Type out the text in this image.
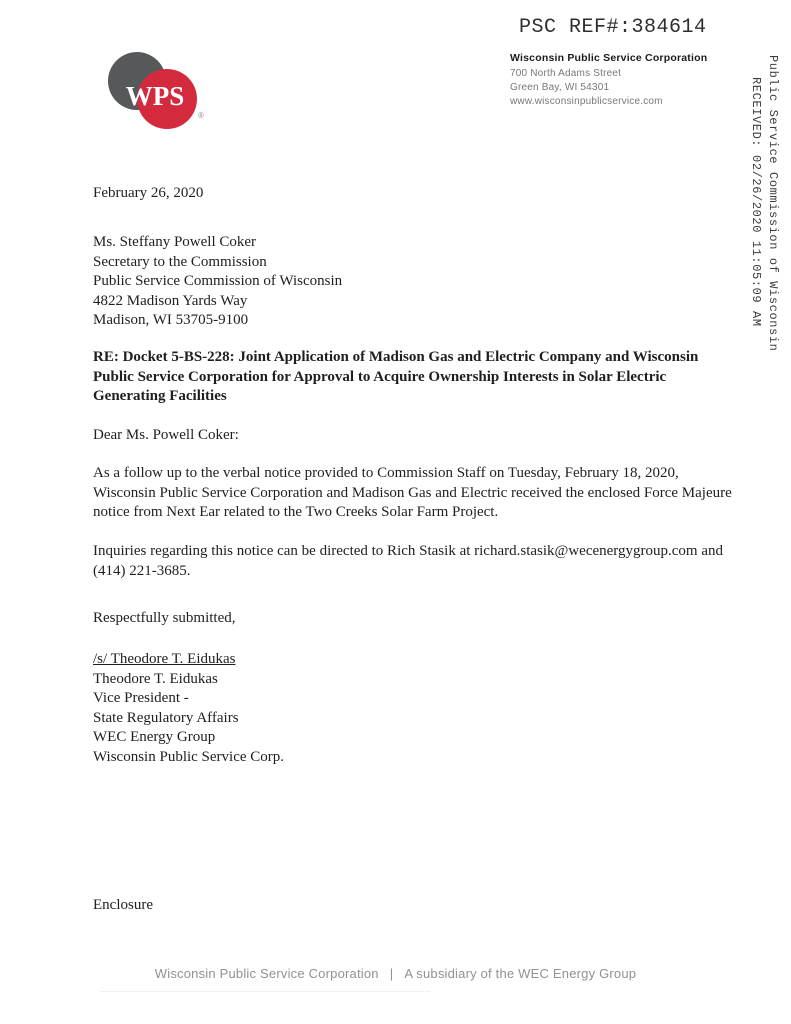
PSC REF#:384614
Public Service Commission of Wisconsin
RECEIVED: 02/26/2020 11:05:09 AM
WPS
®
Wisconsin Public Service Corporation
700 North Adams Street
Green Bay, WI 54301
www.wisconsinpublicservice.com
February 26, 2020
Ms. Steffany Powell Coker
Secretary to the Commission
Public Service Commission of Wisconsin
4822 Madison Yards Way
Madison, WI 53705-9100
RE: Docket 5-BS-228: Joint Application of Madison Gas and Electric Company and Wisconsin Public Service Corporation for Approval to Acquire Ownership Interests in Solar Electric Generating Facilities
Dear Ms. Powell Coker:
As a follow up to the verbal notice provided to Commission Staff on Tuesday, February 18, 2020, Wisconsin Public Service Corporation and Madison Gas and Electric received the enclosed Force Majeure notice from Next Ear related to the Two Creeks Solar Farm Project.
Inquiries regarding this notice can be directed to Rich Stasik at richard.stasik@wecenergygroup.com and (414) 221-3685.
Respectfully submitted,
/s/ Theodore T. Eidukas
Theodore T. Eidukas
Vice President -
State Regulatory Affairs
WEC Energy Group
Wisconsin Public Service Corp.
Enclosure
Wisconsin Public Service Corporation | A subsidiary of the WEC Energy Group
